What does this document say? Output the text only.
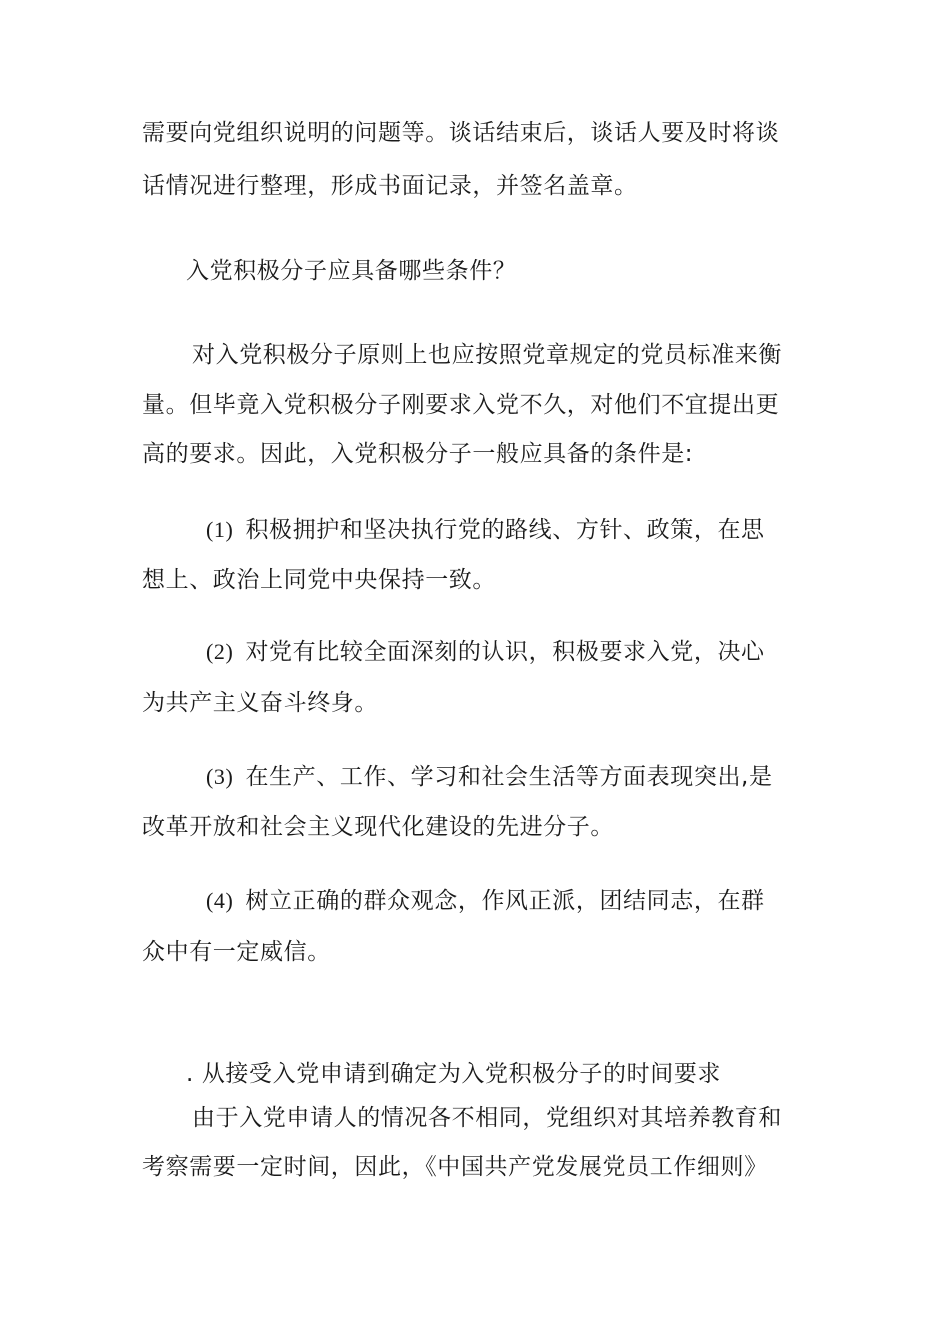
需要向党组织说明的问题等。谈话结束后，谈话人要及时将谈
话情况进行整理，形成书面记录，并签名盖章。
入党积极分子应具备哪些条件？
对入党积极分子原则上也应按照党章规定的党员标准来衡
量。但毕竟入党积极分子刚要求入党不久，对他们不宜提出更
高的要求。因此，入党积极分子一般应具备的条件是:
(1) 积极拥护和坚决执行党的路线、方针、政策，在思
想上、政治上同党中央保持一致。
(2) 对党有比较全面深刻的认识，积极要求入党，决心
为共产主义奋斗终身。
(3) 在生产、工作、学习和社会生活等方面表现突出,是
改革开放和社会主义现代化建设的先进分子。
(4) 树立正确的群众观念，作风正派，团结同志，在群
众中有一定威信。
. 从接受入党申请到确定为入党积极分子的时间要求
由于入党申请人的情况各不相同，党组织对其培养教育和
考察需要一定时间，因此，《中国共产党发展党员工作细则》
